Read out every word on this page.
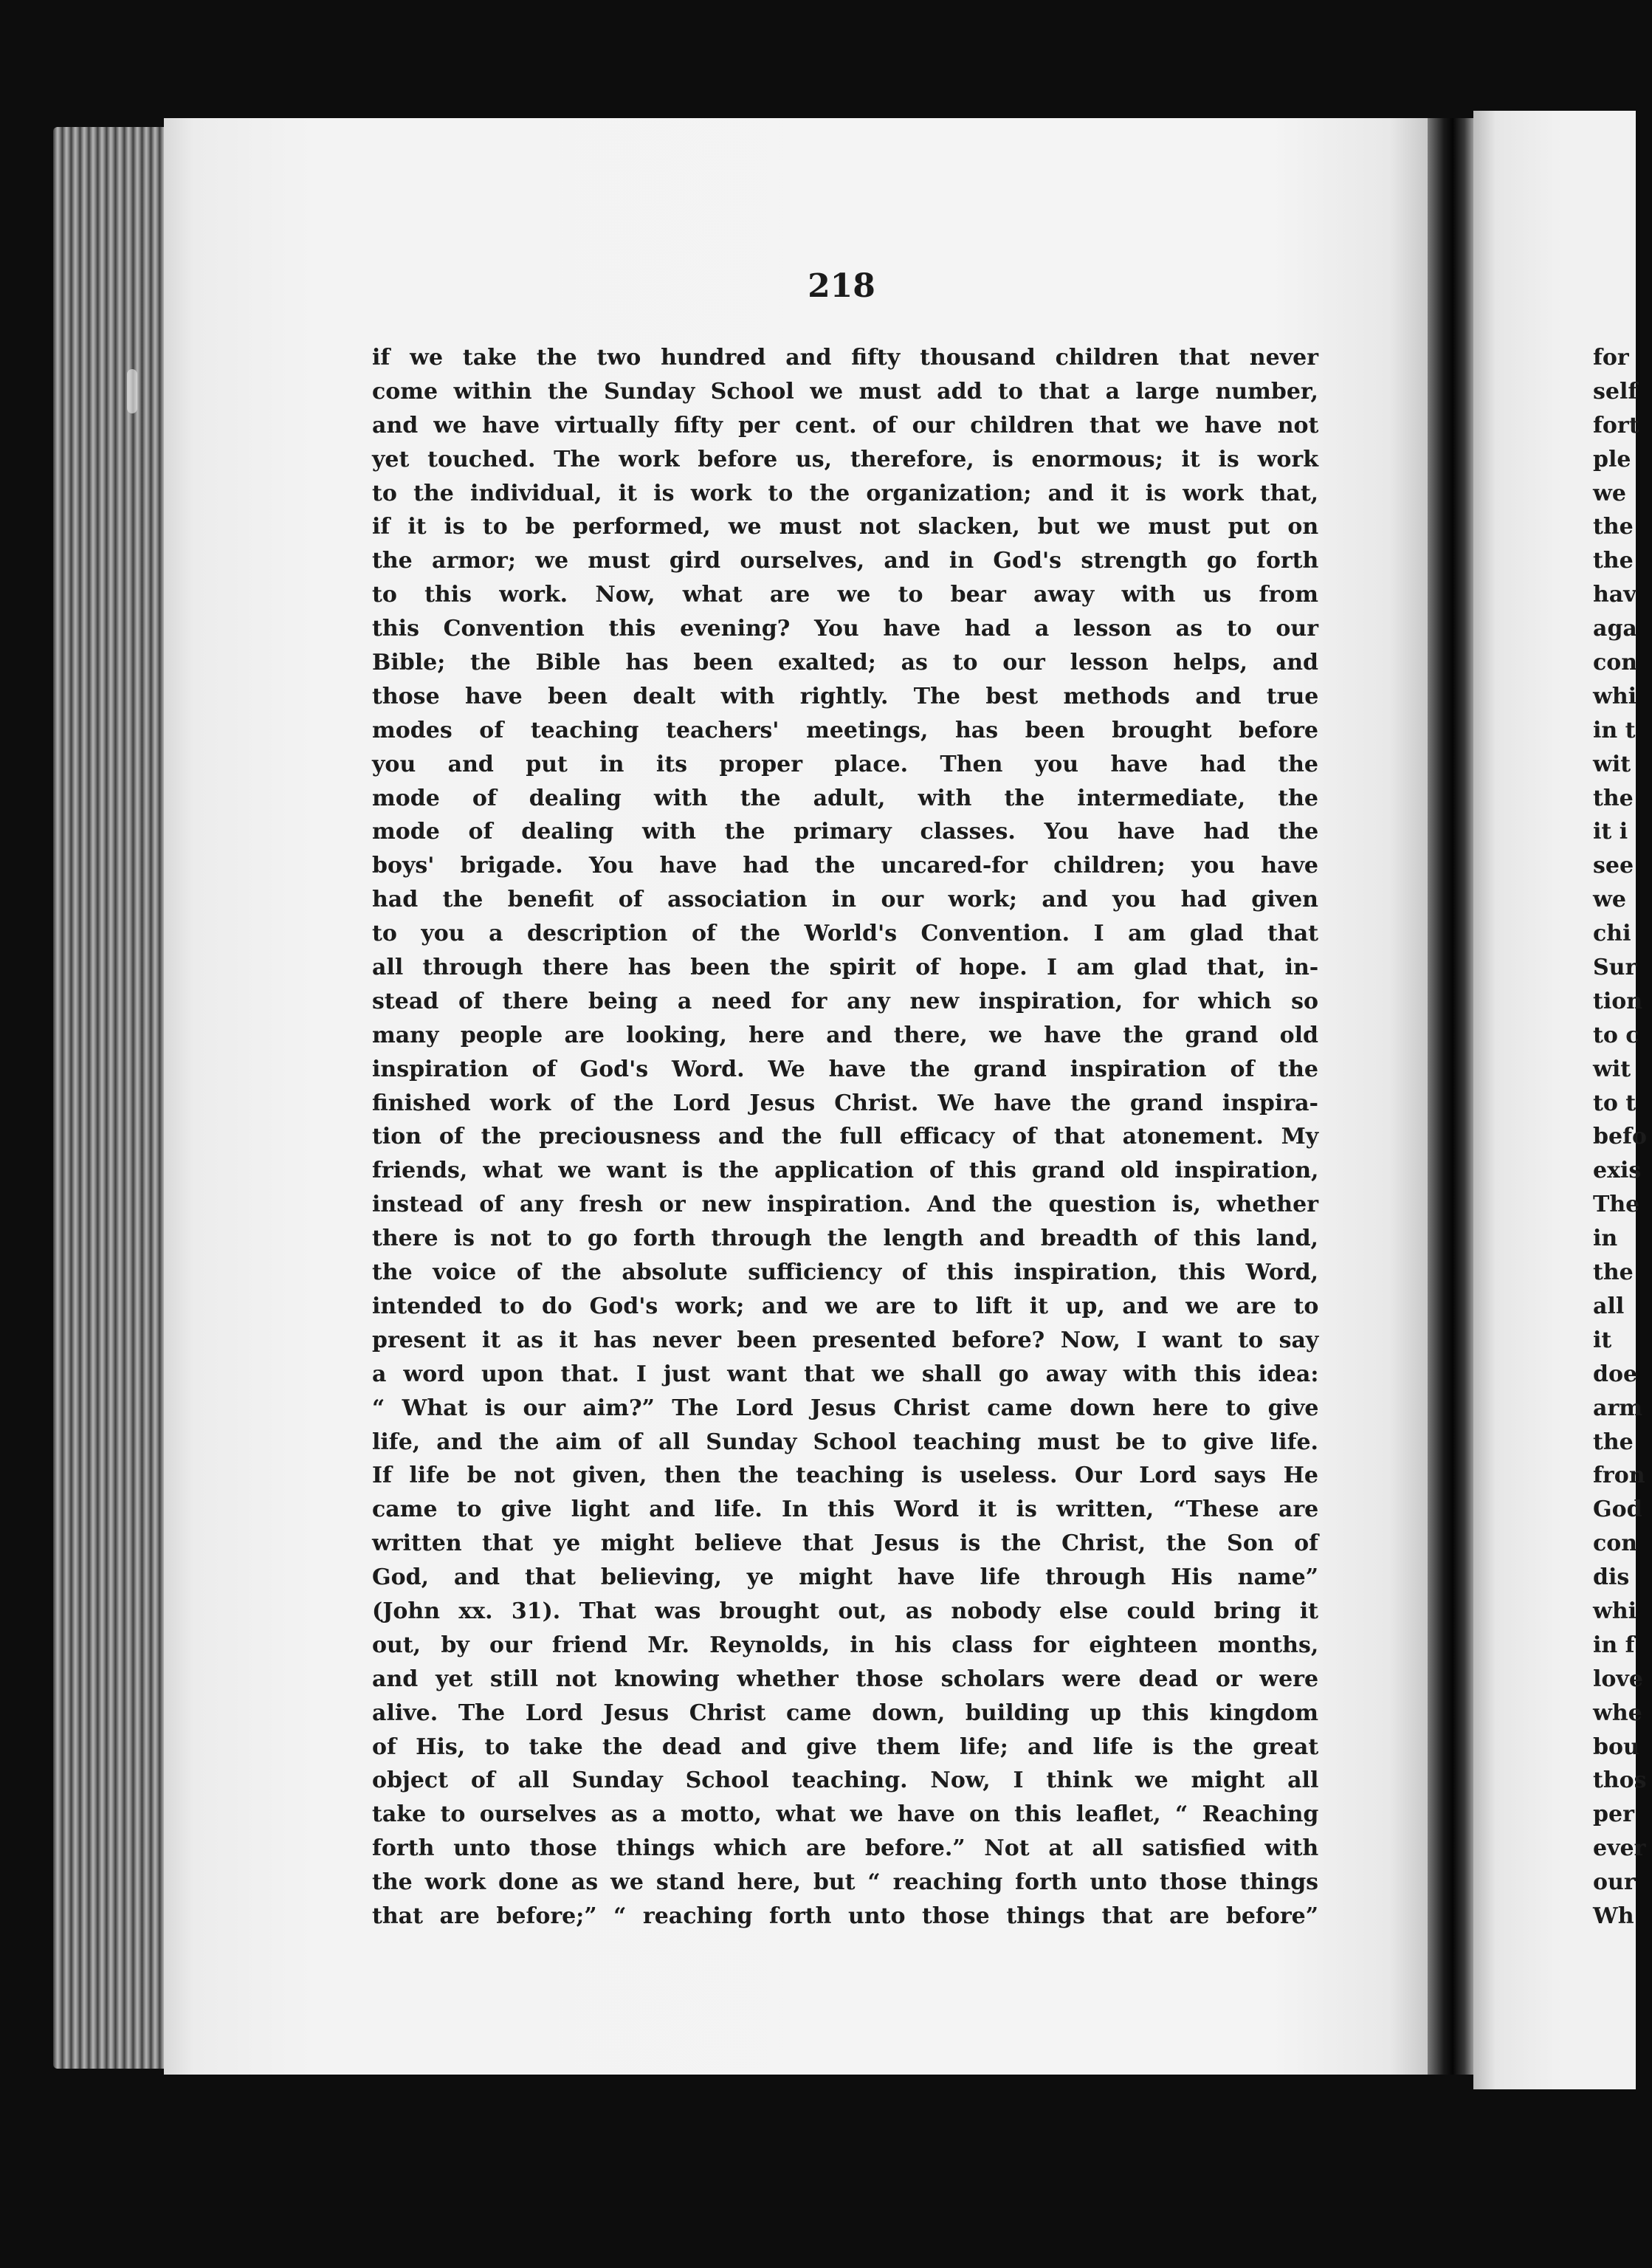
218
if we take the two hundred and fifty thousand children that never
come within the Sunday School we must add to that a large number,
and we have virtually fifty per cent. of our children that we have not
yet touched. The work before us, therefore, is enormous; it is work
to the individual, it is work to the organization; and it is work that,
if it is to be performed, we must not slacken, but we must put on
the armor; we must gird ourselves, and in God's strength go forth
to this work. Now, what are we to bear away with us from
this Convention this evening? You have had a lesson as to our
Bible; the Bible has been exalted; as to our lesson helps, and
those have been dealt with rightly. The best methods and true
modes of teaching teachers' meetings, has been brought before
you and put in its proper place. Then you have had the
mode of dealing with the adult, with the intermediate, the
mode of dealing with the primary classes. You have had the
boys' brigade. You have had the uncared-for children; you have
had the benefit of association in our work; and you had given
to you a description of the World's Convention. I am glad that
all through there has been the spirit of hope. I am glad that, in-
stead of there being a need for any new inspiration, for which so
many people are looking, here and there, we have the grand old
inspiration of God's Word. We have the grand inspiration of the
finished work of the Lord Jesus Christ. We have the grand inspira-
tion of the preciousness and the full efficacy of that atonement. My
friends, what we want is the application of this grand old inspiration,
instead of any fresh or new inspiration. And the question is, whether
there is not to go forth through the length and breadth of this land,
the voice of the absolute sufficiency of this inspiration, this Word,
intended to do God's work; and we are to lift it up, and we are to
present it as it has never been presented before? Now, I want to say
a word upon that. I just want that we shall go away with this idea:
“ What is our aim?” The Lord Jesus Christ came down here to give
life, and the aim of all Sunday School teaching must be to give life.
If life be not given, then the teaching is useless. Our Lord says He
came to give light and life. In this Word it is written, “These are
written that ye might believe that Jesus is the Christ, the Son of
God, and that believing, ye might have life through His name”
(John xx. 31). That was brought out, as nobody else could bring it
out, by our friend Mr. Reynolds, in his class for eighteen months,
and yet still not knowing whether those scholars were dead or were
alive. The Lord Jesus Christ came down, building up this kingdom
of His, to take the dead and give them life; and life is the great
object of all Sunday School teaching. Now, I think we might all
take to ourselves as a motto, what we have on this leaflet, “ Reaching
forth unto those things which are before.” Not at all satisfied with
the work done as we stand here, but “ reaching forth unto those things
that are before;” “ reaching forth unto those things that are before”
for
self
fort
ple
we
the
the
hav
aga
con
whi
in t
wit
the
it i
see
we
chi
Sur
tion
to c
wit
to t
befo
exis
The
in
the
all
it
doe
arm
the
fron
God
con
dis
whi
in f
love
whe
bou
thos
per
ever
our
Wh
